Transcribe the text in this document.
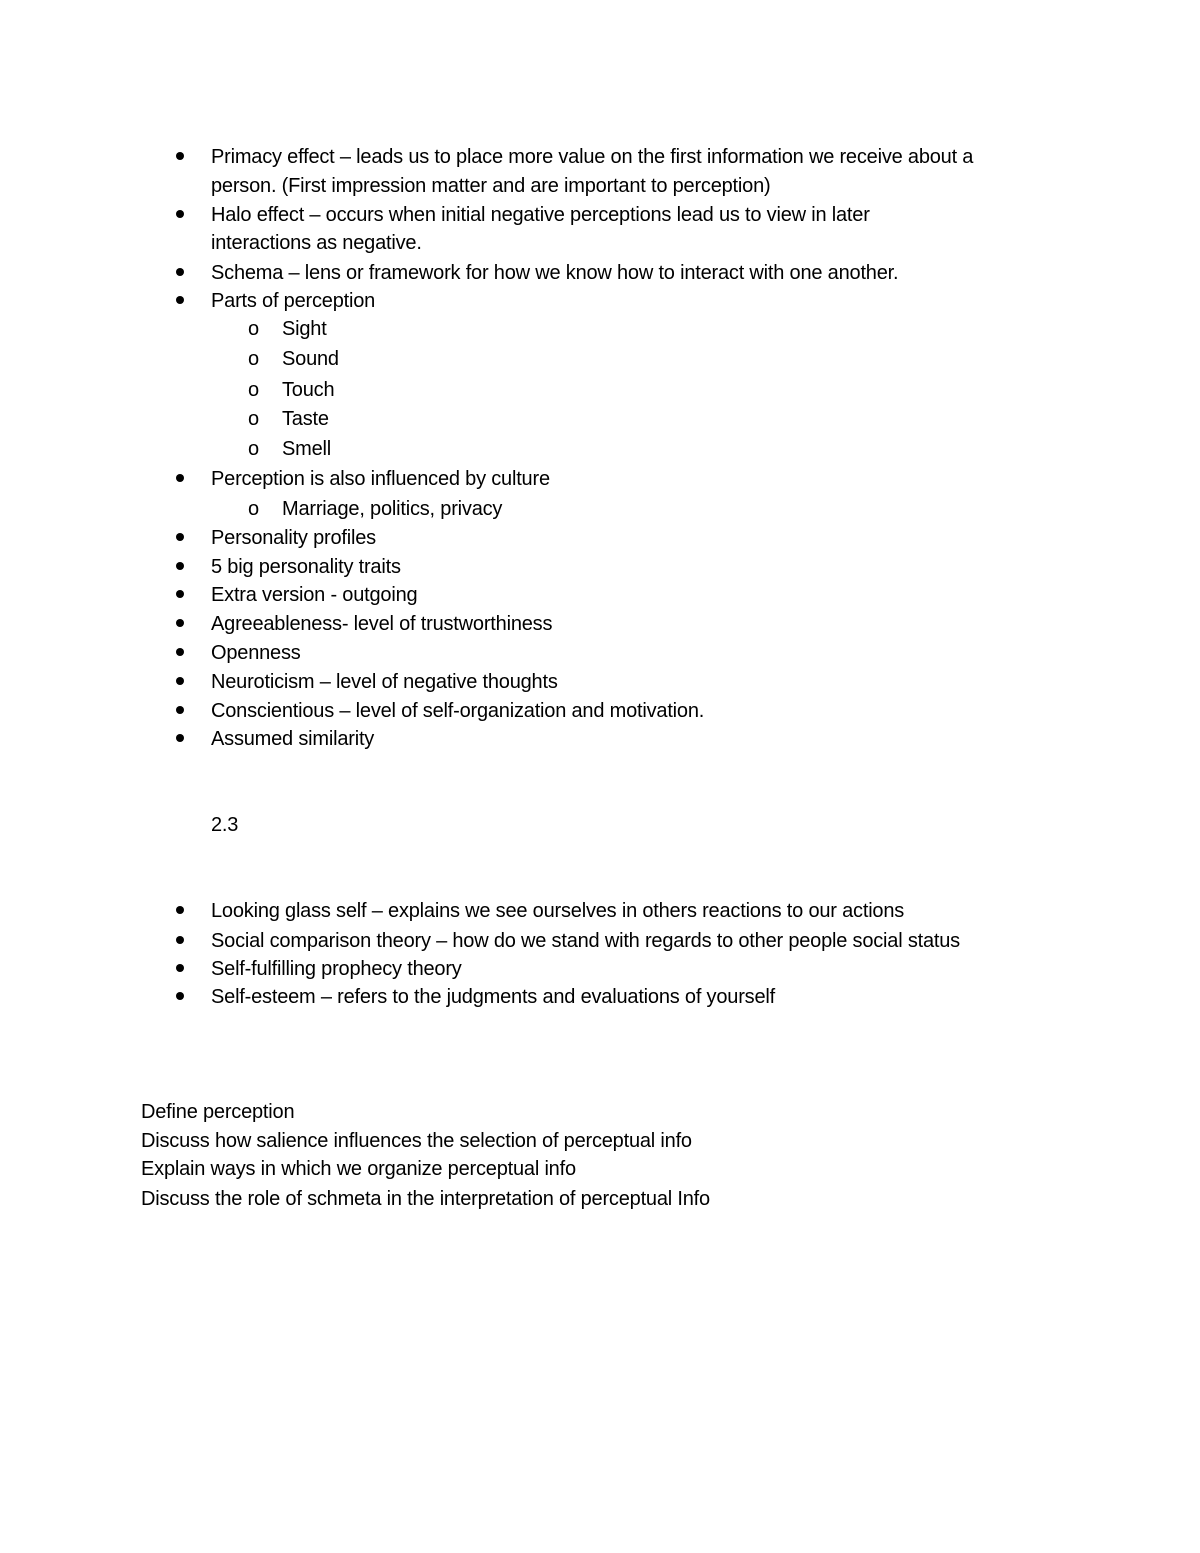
Primacy effect – leads us to place more value on the first information we receive about a
person. (First impression matter and are important to perception)
Halo effect – occurs when initial negative perceptions lead us to view in later
interactions as negative.
Schema – lens or framework for how we know how to interact with one another.
Parts of perception
o Sight
o Sound
o Touch
o Taste
o Smell
Perception is also influenced by culture
o Marriage, politics, privacy
Personality profiles
5 big personality traits
Extra version - outgoing
Agreeableness- level of trustworthiness
Openness
Neuroticism – level of negative thoughts
Conscientious – level of self-organization and motivation.
Assumed similarity
2.3
Looking glass self – explains we see ourselves in others reactions to our actions
Social comparison theory – how do we stand with regards to other people social status
Self-fulfilling prophecy theory
Self-esteem – refers to the judgments and evaluations of yourself
Define perception
Discuss how salience influences the selection of perceptual info
Explain ways in which we organize perceptual info
Discuss the role of schmeta in the interpretation of perceptual Info
